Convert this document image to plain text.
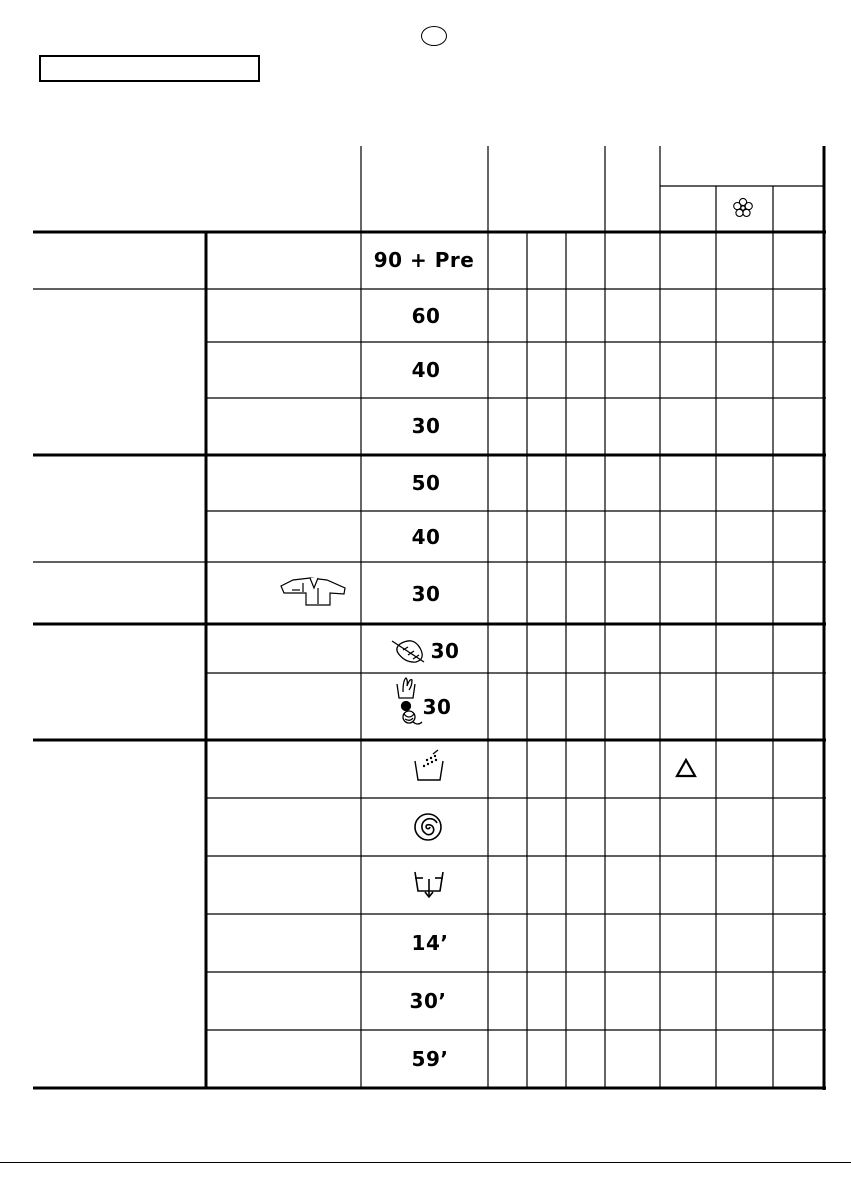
90 + Pre
60
40
30
50
40
30
30
30
14’
30’
59’
